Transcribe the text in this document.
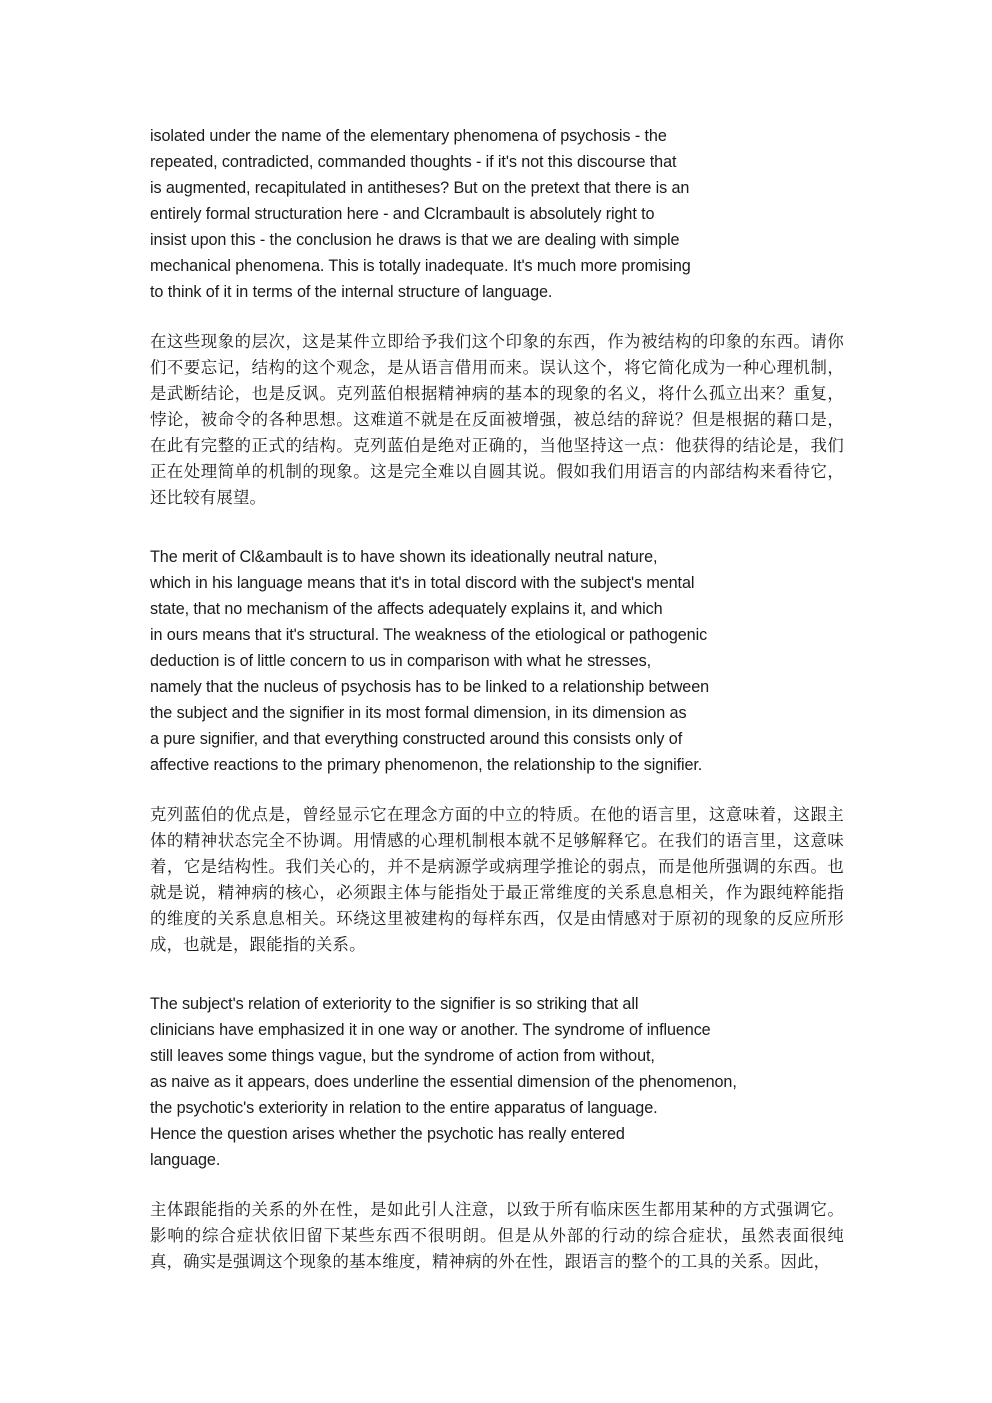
isolated under the name of the elementary phenomena of psychosis - the
repeated, contradicted, commanded thoughts - if it's not this discourse that
is augmented, recapitulated in antitheses? But on the pretext that there is an
entirely formal structuration here - and Clcrambault is absolutely right to
insist upon this - the conclusion he draws is that we are dealing with simple
mechanical phenomena. This is totally inadequate. It's much more promising
to think of it in terms of the internal structure of language.

在这些现象的层次，这是某件立即给予我们这个印象的东西，作为被结构的印象的东西。请你们不要忘记，结构的这个观念，是从语言借用而来。误认这个，将它简化成为一种心理机制，是武断结论，也是反讽。克列蓝伯根据精神病的基本的现象的名义，将什么孤立出来？重复，悖论，被命令的各种思想。这难道不就是在反面被增强，被总结的辞说？但是根据的藉口是，在此有完整的正式的结构。克列蓝伯是绝对正确的，当他坚持这一点：他获得的结论是，我们正在处理简单的机制的现象。这是完全难以自圆其说。假如我们用语言的内部结构来看待它，还比较有展望。

The merit of Cl&ambault is to have shown its ideationally neutral nature,
which in his language means that it's in total discord with the subject's mental
state, that no mechanism of the affects adequately explains it, and which
in ours means that it's structural. The weakness of the etiological or pathogenic
deduction is of little concern to us in comparison with what he stresses,
namely that the nucleus of psychosis has to be linked to a relationship between
the subject and the signifier in its most formal dimension, in its dimension as
a pure signifier, and that everything constructed around this consists only of
affective reactions to the primary phenomenon, the relationship to the signifier.

克列蓝伯的优点是，曾经显示它在理念方面的中立的特质。在他的语言里，这意味着，这跟主体的精神状态完全不协调。用情感的心理机制根本就不足够解释它。在我们的语言里，这意味着，它是结构性。我们关心的，并不是病源学或病理学推论的弱点，而是他所强调的东西。也就是说，精神病的核心，必须跟主体与能指处于最正常维度的关系息息相关，作为跟纯粹能指的维度的关系息息相关。环绕这里被建构的每样东西，仅是由情感对于原初的现象的反应所形成，也就是，跟能指的关系。

The subject's relation of exteriority to the signifier is so striking that all
clinicians have emphasized it in one way or another. The syndrome of influence
still leaves some things vague, but the syndrome of action from without,
as naive as it appears, does underline the essential dimension of the phenomenon,
the psychotic's exteriority in relation to the entire apparatus of language.
Hence the question arises whether the psychotic has really entered
language.

主体跟能指的关系的外在性，是如此引人注意，以致于所有临床医生都用某种的方式强调它。影响的综合症状依旧留下某些东西不很明朗。但是从外部的行动的综合症状，虽然表面很纯真，确实是强调这个现象的基本维度，精神病的外在性，跟语言的整个的工具的关系。因此，
